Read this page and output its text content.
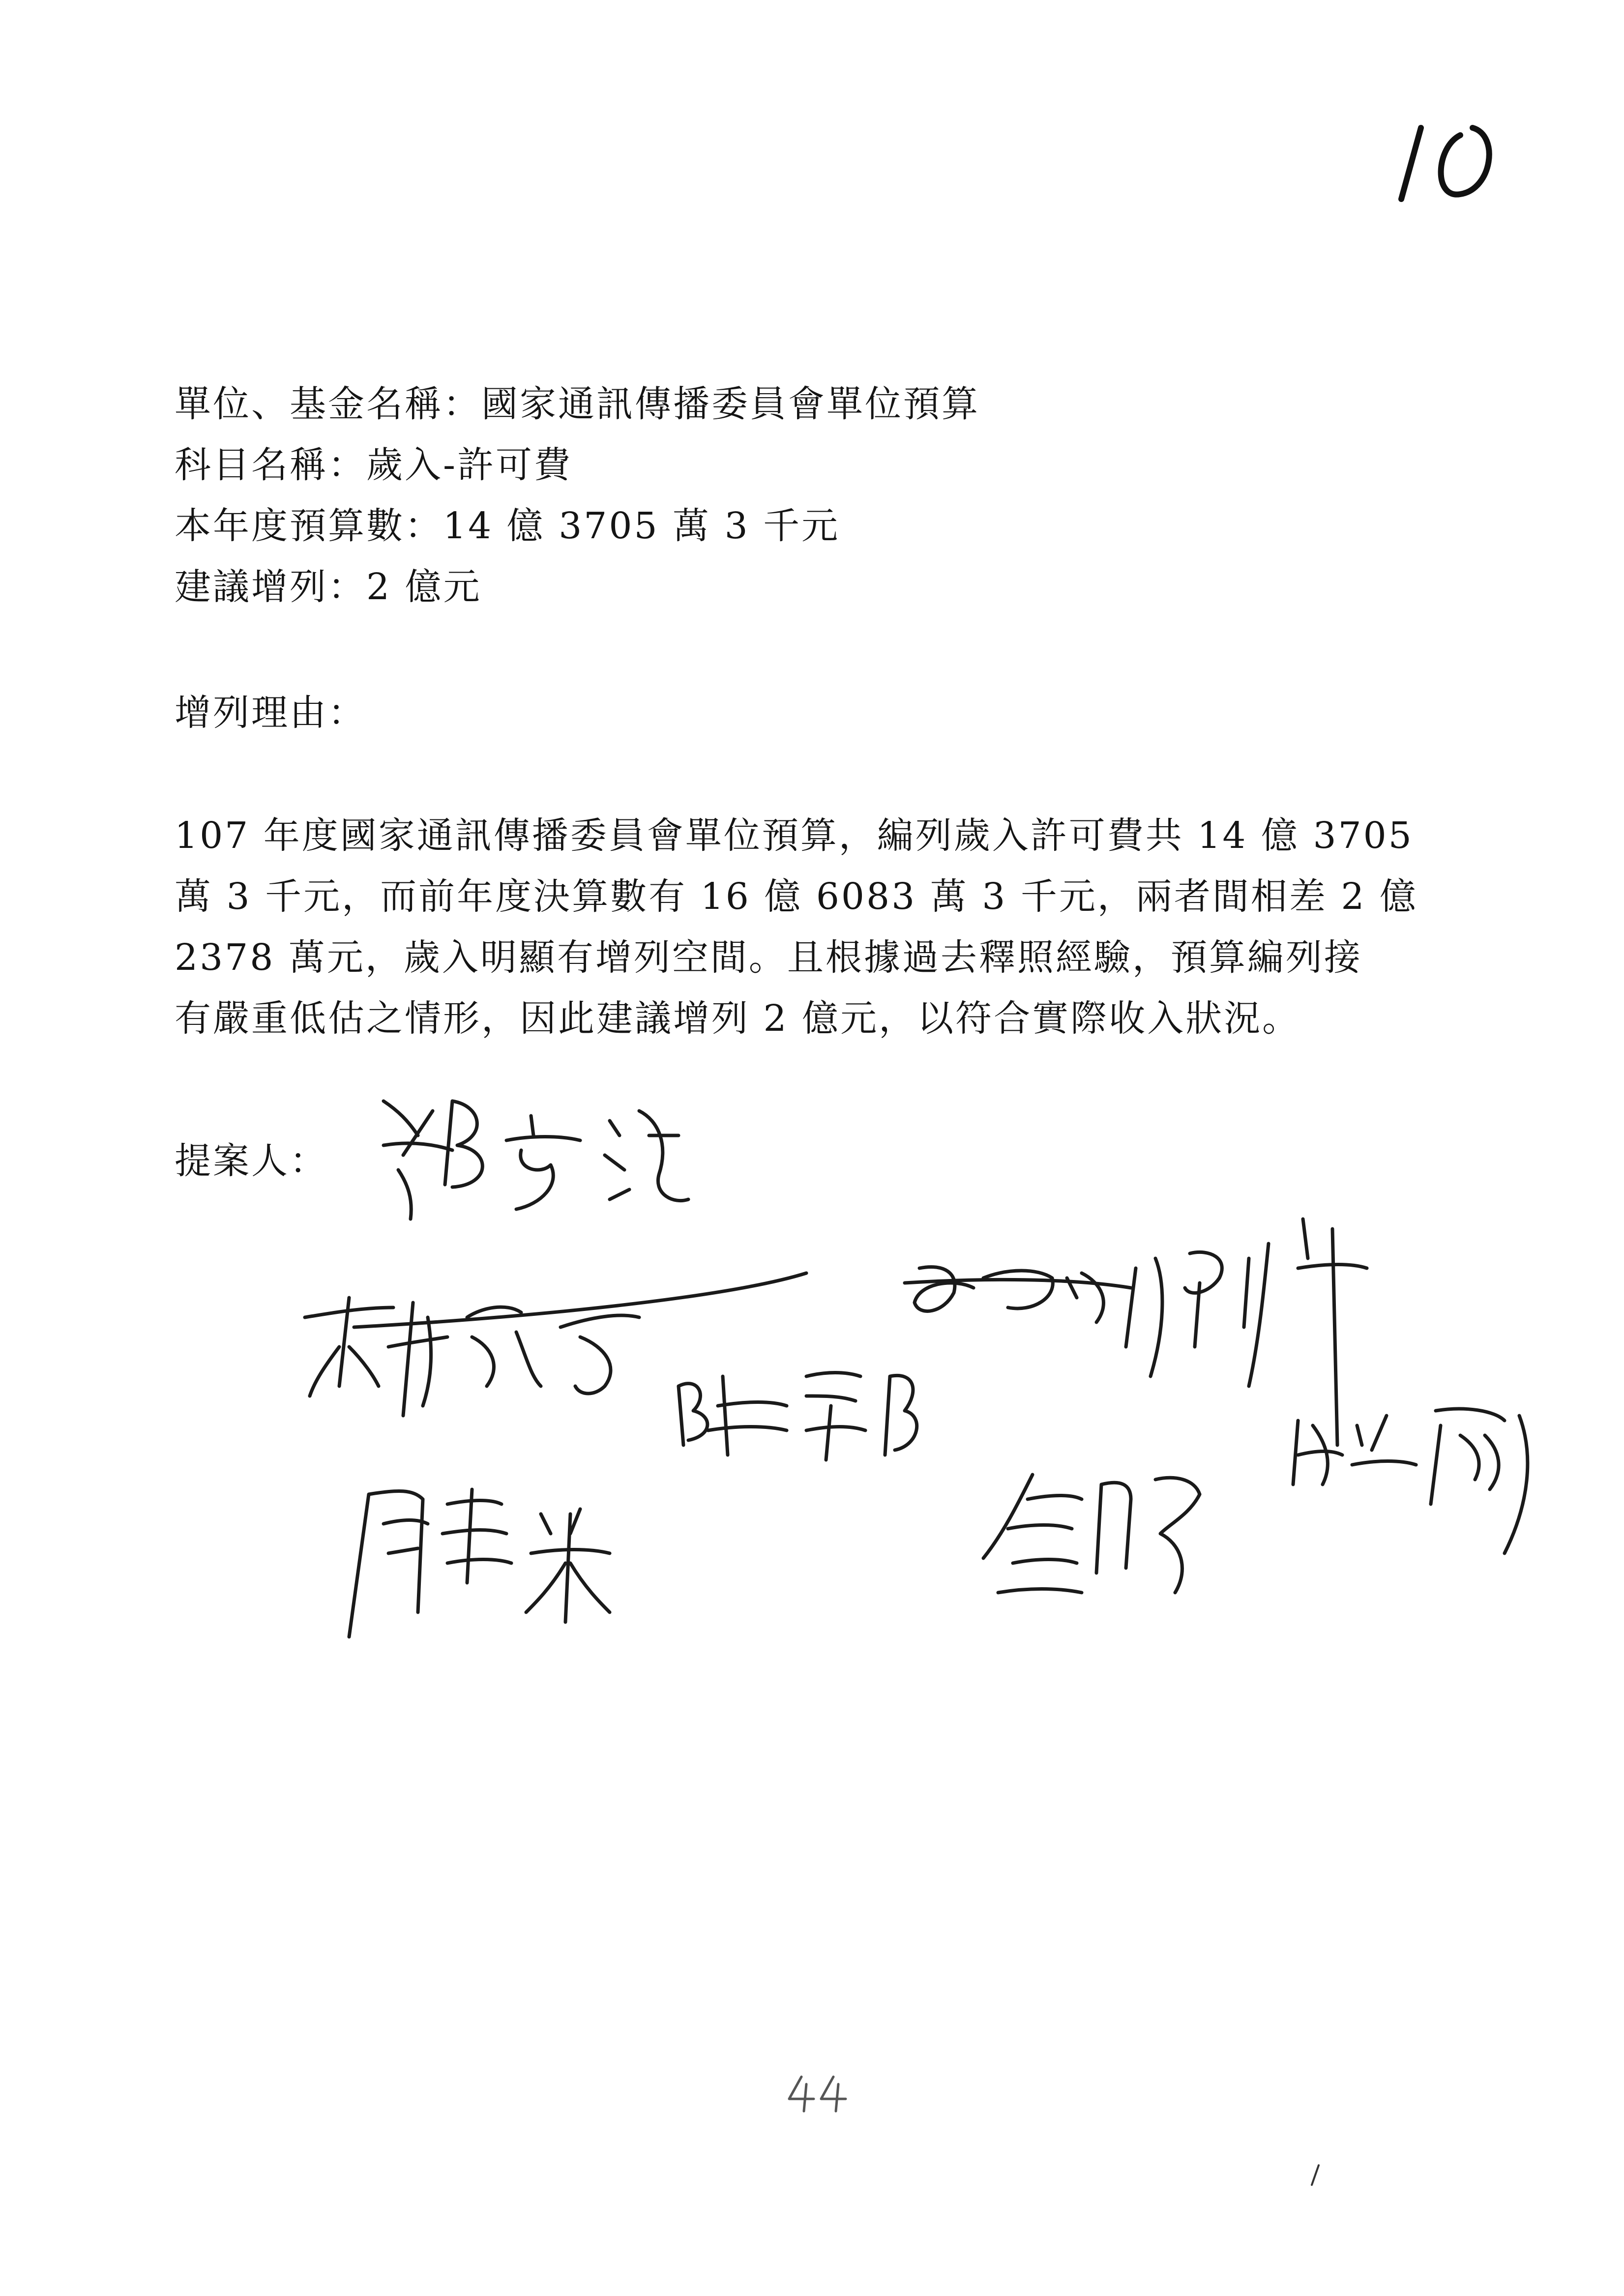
單位、基金名稱：國家通訊傳播委員會單位預算
科目名稱：歲入-許可費
本年度預算數：14 億 3705 萬 3 千元
建議增列：2 億元
增列理由：
107 年度國家通訊傳播委員會單位預算，編列歲入許可費共 14 億 3705
萬 3 千元，而前年度決算數有 16 億 6083 萬 3 千元，兩者間相差 2 億
2378 萬元，歲入明顯有增列空間。且根據過去釋照經驗，預算編列接
有嚴重低估之情形，因此建議增列 2 億元，以符合實際收入狀況。
提案人：
